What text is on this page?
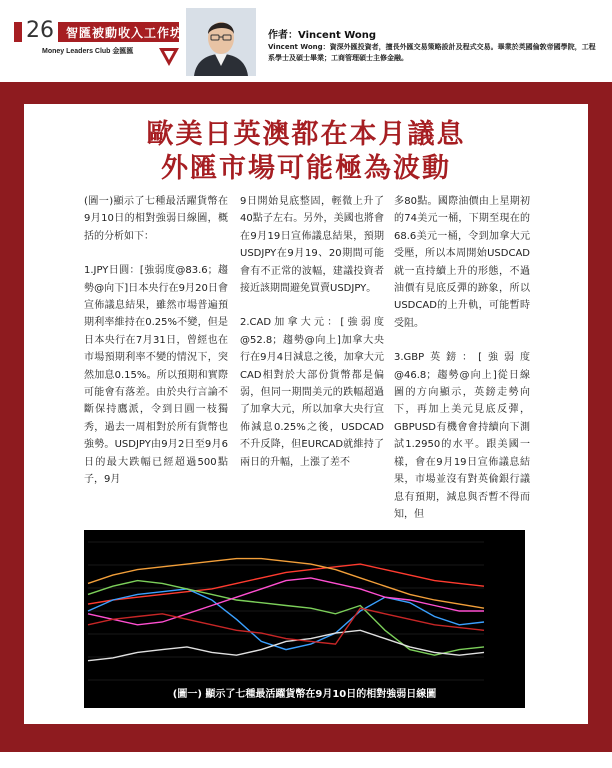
26	智匯被動收入工作坊
Money Leaders Club 金匯匯
作者：Vincent Wong
Vincent Wong：資深外匯投資者，擅長外匯交易策略設計及程式交易。畢業於英國倫敦帝國學院，工程系學士及碩士畢業；工商管理碩士主修金融。
歐美日英澳都在本月議息
外匯市場可能極為波動

(圖一)顯示了七種最活躍貨幣在9月10日的相對強弱日線圖，概括的分析如下：

1.JPY日圓：[強弱度@83.6；趨勢@向下]日本央行在9月20日會宣佈議息結果，雖然市場普遍預期利率維持在0.25%不變，但是日本央行在7月31日，曾經也在市場預期利率不變的情況下，突然加息0.15%。所以預期和實際可能會有落差。由於央行言論不斷保持鷹派，令到日圓一枝獨秀，過去一周相對於所有貨幣也強勢。USDJPY由9月2日至9月6日的最大跌幅已經超過500點子，9月

9日開始見底整固，輕微上升了40點子左右。另外，美國也將會在9月19日宣佈議息結果，預期USDJPY在9月19、20期間可能會有不正常的波幅，建議投資者接近該期間避免買賣USDJPY。

2.CAD加拿大元：[強弱度@52.8；趨勢@向上]加拿大央行在9月4日減息之後，加拿大元CAD相對於大部份貨幣都是偏弱，但同一期間美元的跌幅超過了加拿大元，所以加拿大央行宣佈減息0.25%之後，USDCAD不升反降，但EURCAD就維持了兩日的升幅，上漲了差不

多80點。國際油價由上星期初的74美元一桶，下期至現在的68.6美元一桶，令到加拿大元受壓，所以本周開始USDCAD就一直持續上升的形態，不過油價有見底反彈的跡象，所以USDCAD的上升軌，可能暫時受阻。

3.GBP英鎊：[強弱度@46.8；趨勢@向上]從日線圖的方向顯示，英鎊走勢向下，再加上美元見底反彈，GBPUSD有機會會持續向下測試1.2950的水平。跟美國一樣，會在9月19日宣佈議息結果，市場並沒有對英倫銀行議息有預期，減息與否暫不得而知，但

(圖一) 顯示了七種最活躍貨幣在9月10日的相對強弱日線圖
